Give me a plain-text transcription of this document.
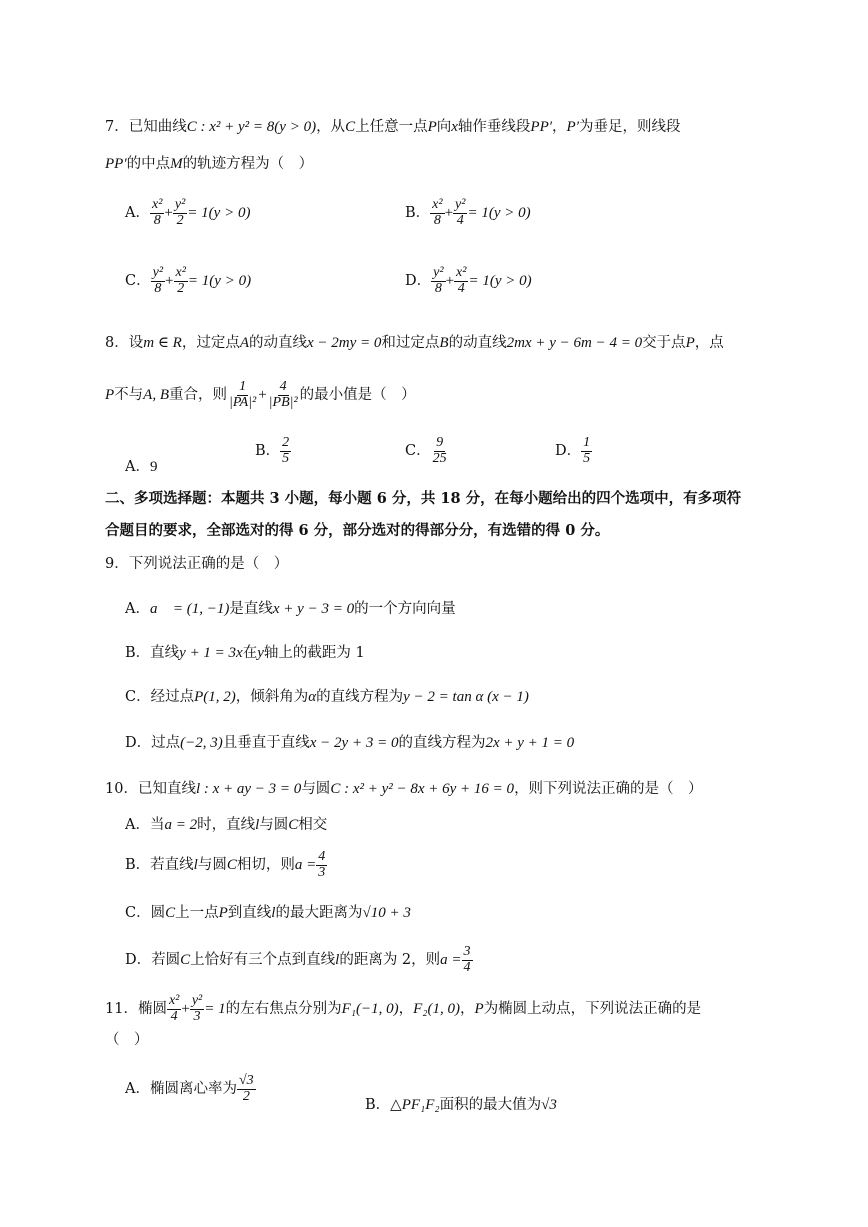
7．已知曲线C : x² + y² = 8(y > 0)，从C上任意一点P向x轴作垂线段PP′，P′为垂足，则线段
PP′的中点M的轨迹方程为（　）
A． $\frac{\text{x²}}{8} + \frac{\text{y²}}{2} = 1(y > 0)$	B． $\frac{\text{x²}}{8} + \frac{\text{y²}}{4} = 1(y > 0)$
C． $\frac{\text{y²}}{8} + \frac{\text{x²}}{2} = 1(y > 0)$	D． $\frac{\text{y²}}{8} + \frac{\text{x²}}{4} = 1(y > 0)$
8．设m ∈ R，过定点A的动直线x − 2my = 0和过定点B的动直线2mx + y − 6m − 4 = 0交于点P，点
P不与A, B重合，则 $\frac{1}{\text{|PA|²}} + \frac{4}{\text{|PB|²}}$ 的最小值是（　）
A．9
B． $\frac{2}{5}$	C． $\frac{9}{25}$	D． $\frac{1}{5}$
二、多项选择题：本题共 3 小题，每小题 6 分，共 18 分，在每小题给出的四个选项中，有多项符
合题目的要求，全部选对的得 6 分，部分选对的得部分分，有选错的得 0 分。
9．下列说法正确的是（　）
A．a⃗ = (1, −1)是直线x + y − 3 = 0的一个方向向量
B．直线y + 1 = 3x在y轴上的截距为 1
C．经过点P(1, 2)，倾斜角为α的直线方程为y − 2 = tan α (x − 1)
D．过点(−2, 3)且垂直于直线x − 2y + 3 = 0的直线方程为2x + y + 1 = 0
10．已知直线l : x + ay − 3 = 0与圆C : x² + y² − 8x + 6y + 16 = 0，则下列说法正确的是（　）
A．当a = 2时，直线l与圆C相交
B．若直线l与圆C相切，则$a = \frac{4}{3}$
C．圆C上一点P到直线l的最大距离为√10 + 3
D．若圆C上恰好有三个点到直线l的距离为 2，则$a = \frac{3}{4}$
11．椭圆 $\frac{\text{x²}}{4} + \frac{\text{y²}}{3} = 1$的左右焦点分别为F₁(−1, 0)，F₂(1, 0)，P为椭圆上动点，下列说法正确的是
（　）
A．椭圆离心率为 $\frac{√3}{2}$
B．△PF₁F₂面积的最大值为√3
